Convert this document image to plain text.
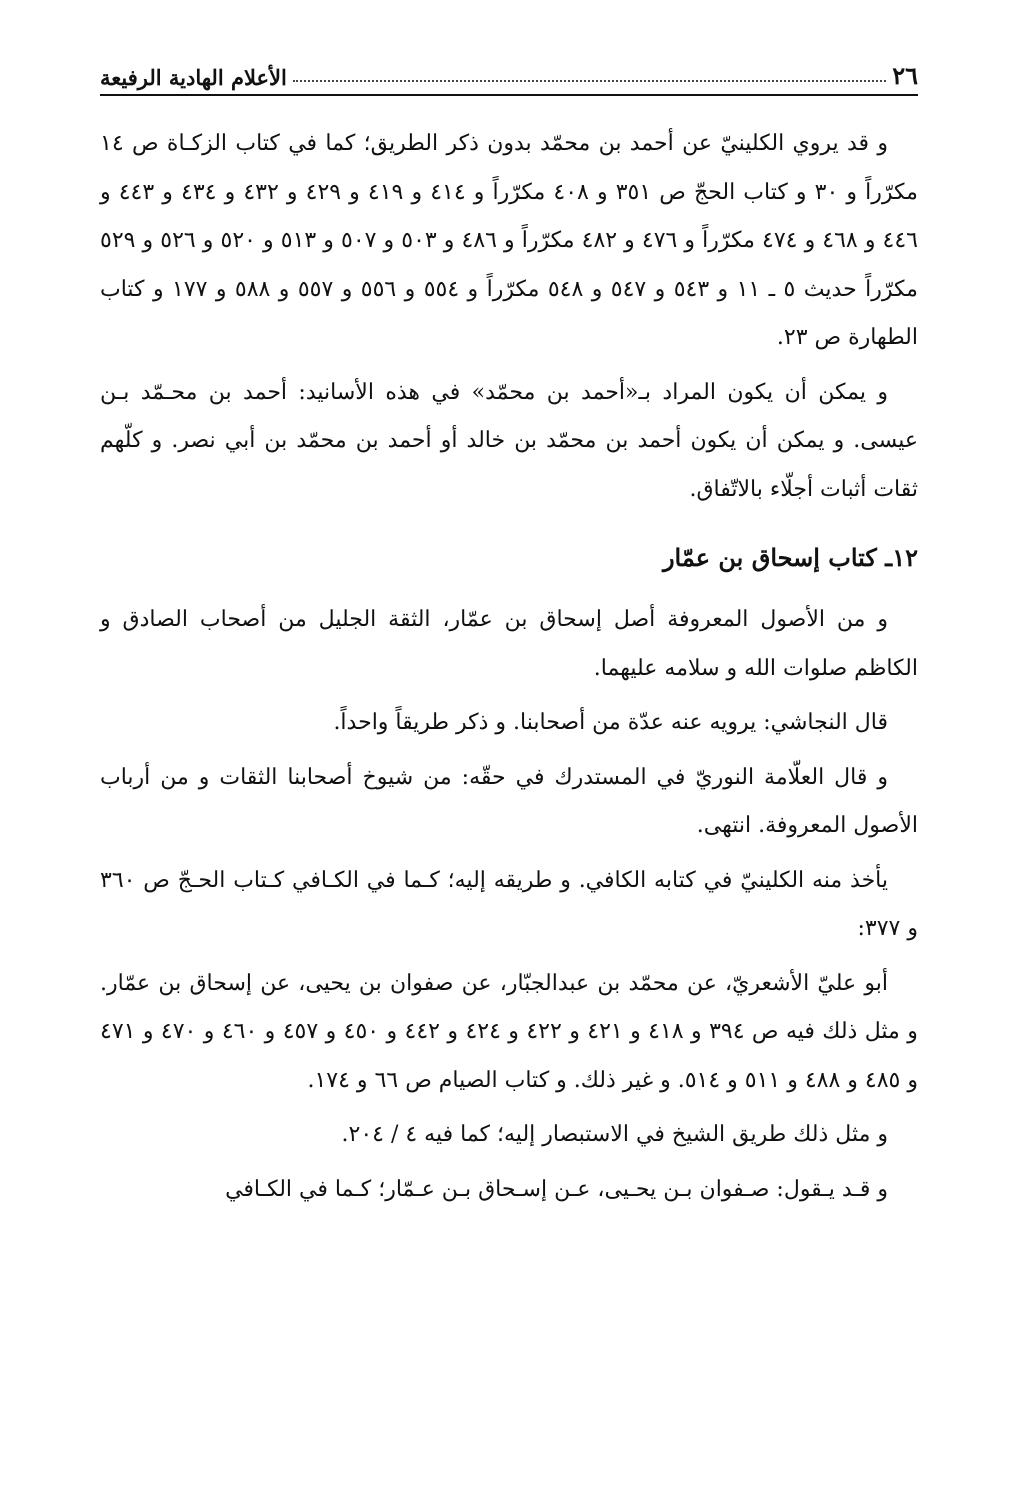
٢٦
الأعلام الهادية الرفيعة

و قد يروي الكلينيّ عن أحمد بن محمّد بدون ذكر الطريق؛ كما في كتاب الزكـاة ص ١٤ مكرّراً و ٣٠ و كتاب الحجّ ص ٣٥١ و ٤٠٨ مكرّراً و ٤١٤ و ٤١٩ و ٤٢٩ و ٤٣٢ و ٤٣٤ و ٤٤٣ و ٤٤٦ و ٤٦٨ و ٤٧٤ مكرّراً و ٤٧٦ و ٤٨٢ مكرّراً و ٤٨٦ و ٥٠٣ و ٥٠٧ و ٥١٣ و ٥٢٠ و ٥٢٦ و ٥٢٩ مكرّراً حديث ٥ ـ ١١ و ٥٤٣ و ٥٤٧ و ٥٤٨ مكرّراً و ٥٥٤ و ٥٥٦ و ٥٥٧ و ٥٨٨ و ١٧٧ و كتاب الطهارة ص ٢٣.

و يمكن أن يكون المراد بـ«أحمد بن محمّد» في هذه الأسانيد: أحمد بن محـمّد بـن عيسى. و يمكن أن يكون أحمد بن محمّد بن خالد أو أحمد بن محمّد بن أبي نصر. و كلّهم ثقات أثبات أجلّاء بالاتّفاق.

١٢ـ كتاب إسحاق بن عمّار

و من الأصول المعروفة أصل إسحاق بن عمّار، الثقة الجليل من أصحاب الصادق و الكاظم صلوات الله و سلامه عليهما.

قال النجاشي: يرويه عنه عدّة من أصحابنا. و ذكر طريقاً واحداً.

و قال العلّامة النوريّ في المستدرك في حقّه: من شيوخ أصحابنا الثقات و من أرباب الأصول المعروفة. انتهى.

يأخذ منه الكلينيّ في كتابه الكافي. و طريقه إليه؛ كـما في الكـافي كـتاب الحـجّ ص ٣٦٠ و ٣٧٧:

أبو عليّ الأشعريّ، عن محمّد بن عبدالجبّار، عن صفوان بن يحيى، عن إسحاق بن عمّار. و مثل ذلك فيه ص ٣٩٤ و ٤١٨ و ٤٢١ و ٤٢٢ و ٤٢٤ و ٤٤٢ و ٤٥٠ و ٤٥٧ و ٤٦٠ و ٤٧٠ و ٤٧١ و ٤٨٥ و ٤٨٨ و ٥١١ و ٥١٤. و غير ذلك. و كتاب الصيام ص ٦٦ و ١٧٤.

و مثل ذلك طريق الشيخ في الاستبصار إليه؛ كما فيه ٤ / ٢٠٤.

و قـد يـقول: صـفوان بـن يحـيى، عـن إسـحاق بـن عـمّار؛ كـما في الكـافي
